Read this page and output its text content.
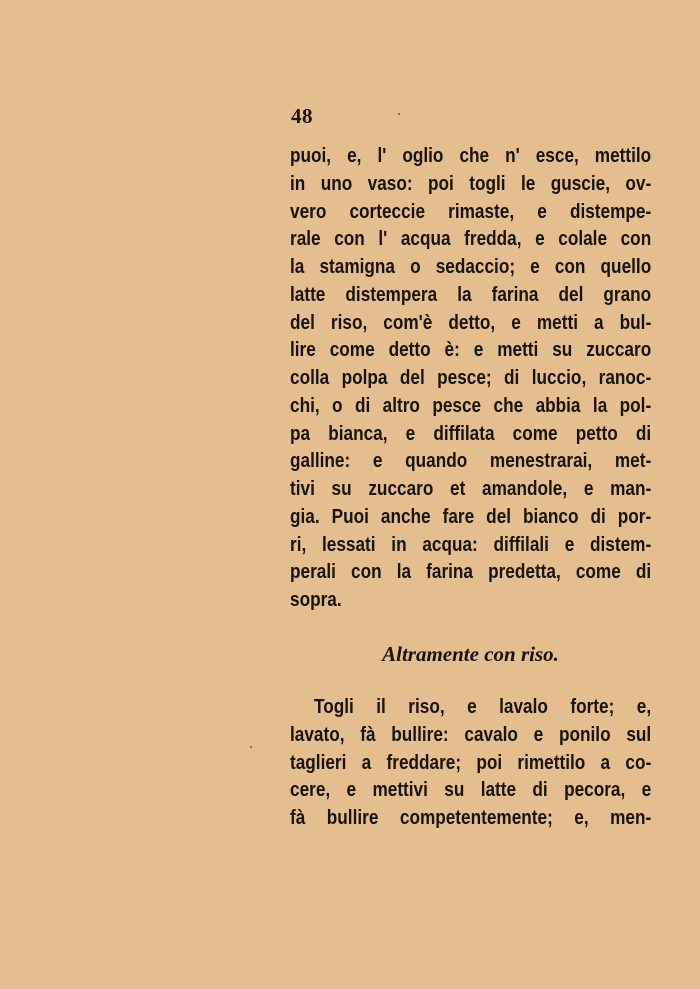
48
puoi, e, l' oglio che n' esce, mettilo
in uno vaso: poi togli le guscie, ov-
vero corteccie rimaste, e distempe-
rale con l' acqua fredda, e colale con
la stamigna o sedaccio; e con quello
latte distempera la farina del grano
del riso, com'è detto, e metti a bul-
lire come detto è: e metti su zuccaro
colla polpa del pesce; di luccio, ranoc-
chi, o di altro pesce che abbia la pol-
pa bianca, e diffilata come petto di
galline: e quando menestrarai, met-
tivi su zuccaro et amandole, e man-
gia. Puoi anche fare del bianco di por-
ri, lessati in acqua: diffilali e distem-
perali con la farina predetta, come di
sopra.
Altramente con riso.
Togli il riso, e lavalo forte; e,
lavato, fà bullire: cavalo e ponilo sul
taglieri a freddare; poi rimettilo a co-
cere, e mettivi su latte di pecora, e
fà bullire competentemente; e, men-
